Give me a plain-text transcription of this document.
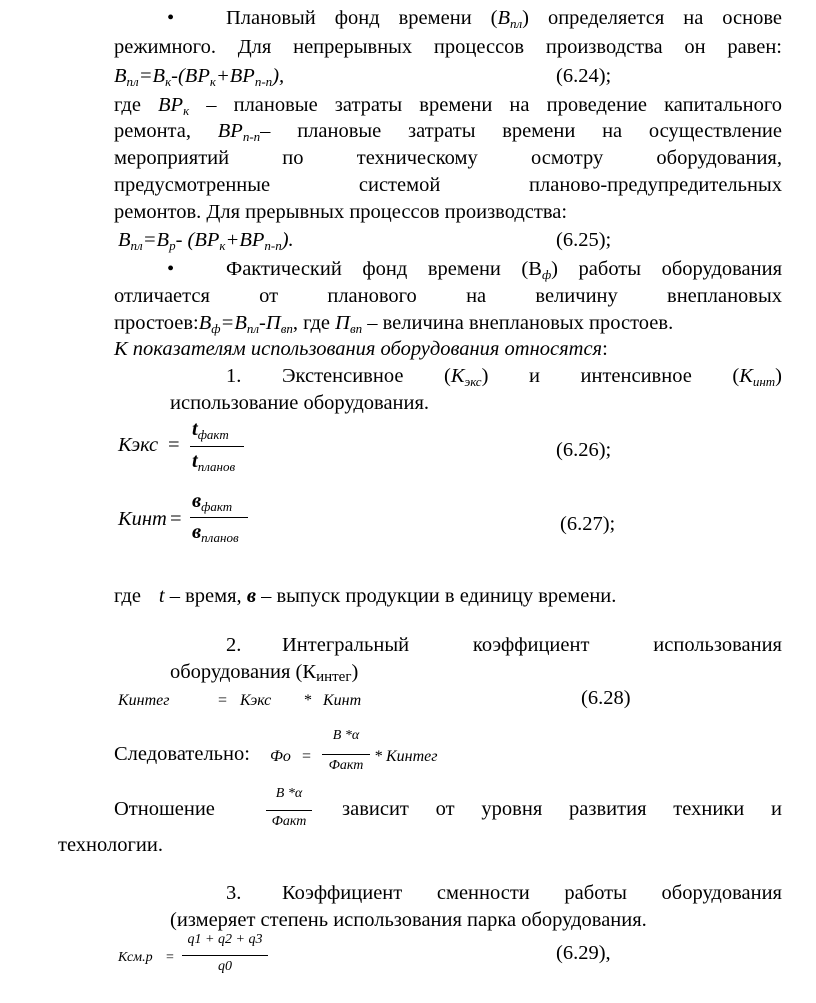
•	Плановый фонд времени (Впл) определяется на основе
режимного. Для непрерывных процессов производства он равен:
Впл=Вк-(ВРк+ВРп-п),	(6.24);
где ВРк – плановые затраты времени на проведение капитального
ремонта, ВРп-п– плановые затраты времени на осуществление
мероприятий по техническому осмотру оборудования,
предусмотренные системой планово-предупредительных
ремонтов. Для прерывных процессов производства:
Впл=Вр- (ВРк+ВРп-п).	(6.25);
•	Фактический фонд времени (Вф) работы оборудования
отличается от планового на величину внеплановых
простоев:Вф=Впл-Пвп, где Пвп – величина внеплановых простоев.
К показателям использования оборудования относятся:
1. Экстенсивное (Кэкс) и интенсивное (Кинт)
использование оборудования.
Кэкс =
tфакт
tпланов
(6.26);
Кинт =
вфакт
впланов
(6.27);
где t – время, в – выпуск продукции в единицу времени.
2. Интегральный коэффициент использования
оборудования (Кинтег)
Кинтег	= Кэкс * Кинт	(6.28)
Следовательно: Фо =
В *α
Факт
* Кинтег
Отношение
В *α
Факт
зависит от уровня развития техники и
технологии.
3. Коэффициент сменности работы оборудования
(измеряет степень использования парка оборудования.
Ксм.р =
q1 + q2 + q3
q0
(6.29),
